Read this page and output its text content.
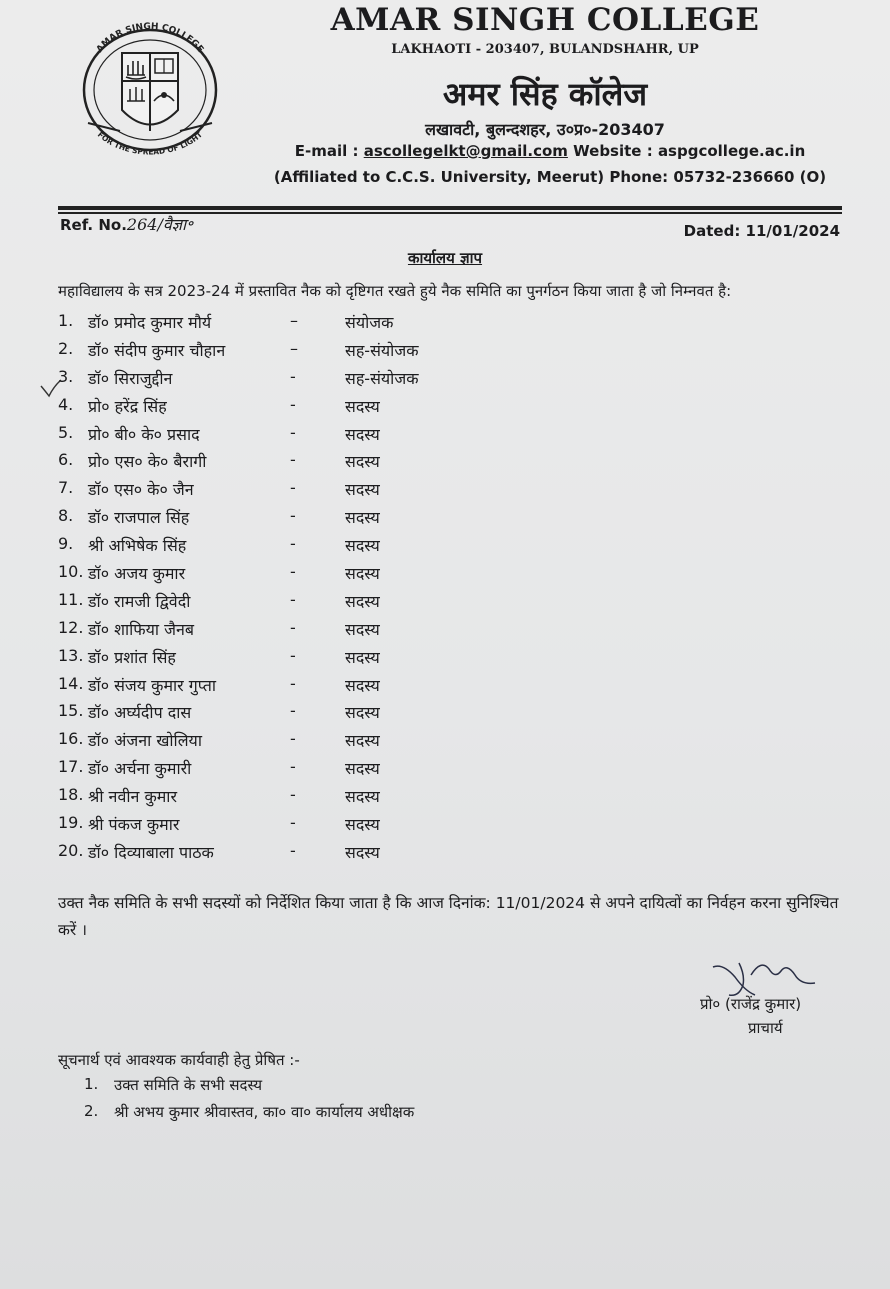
AMAR SINGH COLLEGE
FOR THE SPREAD OF LIGHT
AMAR SINGH COLLEGE
LAKHAOTI - 203407, BULANDSHAHR, UP
अमर सिंह कॉलेज
लखावटी, बुलन्दशहर, उ०प्र०-203407
E-mail : ascollegelkt@gmail.com Website : aspgcollege.ac.in
(Affiliated to C.C.S. University, Meerut) Phone: 05732-236660 (O)
Ref. No.264/वैज्ञा॰	Dated: 11/01/2024
कार्यालय ज्ञाप
महाविद्यालय के सत्र 2023-24 में प्रस्तावित नैक को दृष्टिगत रखते हुये नैक समिति का पुनर्गठन किया जाता है जो निम्नवत है:
1. डॉ० प्रमोद कुमार मौर्य	–	संयोजक
2. डॉ० संदीप कुमार चौहान	–	सह-संयोजक
3. डॉ० सिराजुद्दीन	-	सह-संयोजक
4. प्रो० हरेंद्र सिंह	-	सदस्य
5. प्रो० बी० के० प्रसाद	-	सदस्य
6. प्रो० एस० के० बैरागी	-	सदस्य
7. डॉ० एस० के० जैन	-	सदस्य
8. डॉ० राजपाल सिंह	-	सदस्य
9. श्री अभिषेक सिंह	-	सदस्य
10. डॉ० अजय कुमार	-	सदस्य
11. डॉ० रामजी द्विवेदी	-	सदस्य
12. डॉ० शाफिया जैनब	-	सदस्य
13. डॉ० प्रशांत सिंह	-	सदस्य
14. डॉ० संजय कुमार गुप्ता	-	सदस्य
15. डॉ० अर्घ्यदीप दास	-	सदस्य
16. डॉ० अंजना खोलिया	-	सदस्य
17. डॉ० अर्चना कुमारी	-	सदस्य
18. श्री नवीन कुमार	-	सदस्य
19. श्री पंकज कुमार	-	सदस्य
20. डॉ० दिव्याबाला पाठक	-	सदस्य
उक्त नैक समिति के सभी सदस्यों को निर्देशित किया जाता है कि आज दिनांक: 11/01/2024 से अपने दायित्वों का निर्वहन करना सुनिश्चित करें ।
प्रो० (राजेंद्र कुमार)
प्राचार्य
सूचनार्थ एवं आवश्यक कार्यवाही हेतु प्रेषित :-
1. उक्त समिति के सभी सदस्य
2. श्री अभय कुमार श्रीवास्तव, का० वा० कार्यालय अधीक्षक
